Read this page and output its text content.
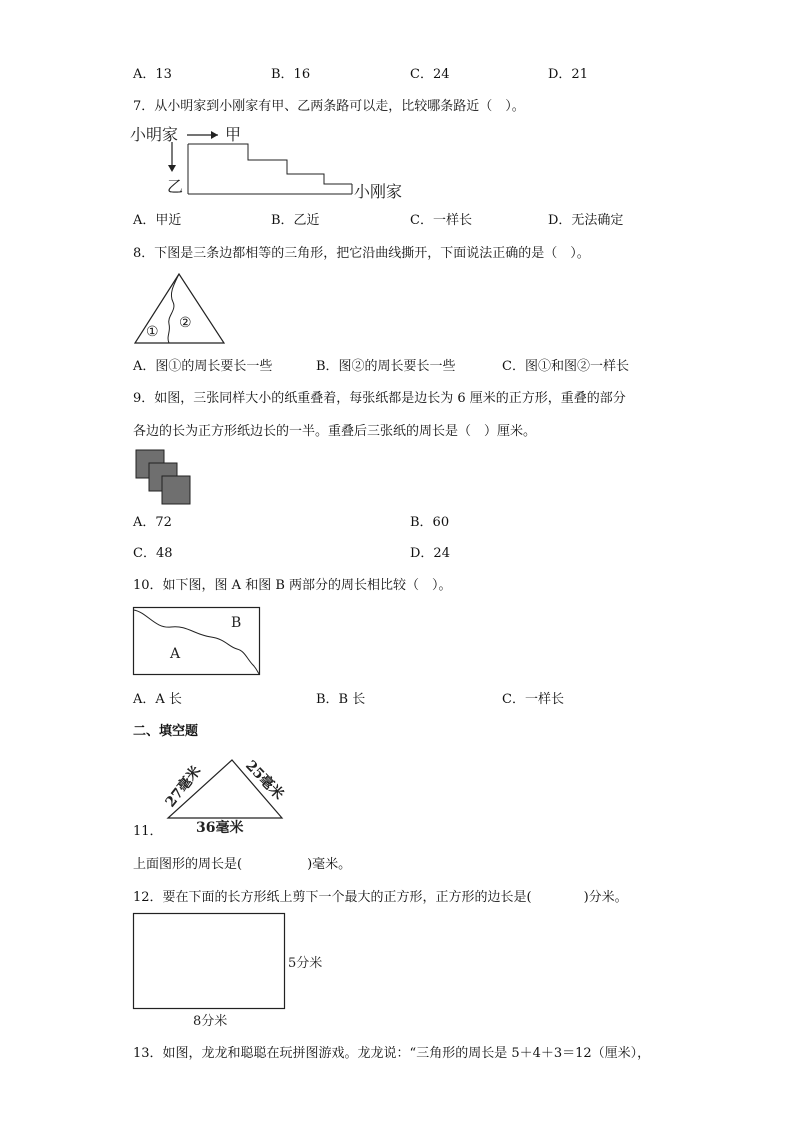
A．13	B．16	C．24	D．21
7．从小明家到小刚家有甲、乙两条路可以走，比较哪条路近（　）。
小明家	甲
乙	小刚家
A．甲近	B．乙近	C．一样长	D．无法确定
8．下图是三条边都相等的三角形，把它沿曲线撕开，下面说法正确的是（　）。
①
②
A．图①的周长要长一些	B．图②的周长要长一些	C．图①和图②一样长
9．如图，三张同样大小的纸重叠着，每张纸都是边长为 6 厘米的正方形，重叠的部分
各边的长为正方形纸边长的一半。重叠后三张纸的周长是（　）厘米。
A．72	B．60
C．48	D．24
10．如下图，图 A 和图 B 两部分的周长相比较（　）。
A
B
A．A 长	B．B 长	C．一样长
二、填空题
27毫米	25毫米
36毫米
11．
上面图形的周长是(　　　　　)毫米。
12．要在下面的长方形纸上剪下一个最大的正方形，正方形的边长是(　　　　)分米。
5分米
8分米
13．如图，龙龙和聪聪在玩拼图游戏。龙龙说：“三角形的周长是 5＋4＋3＝12（厘米），
